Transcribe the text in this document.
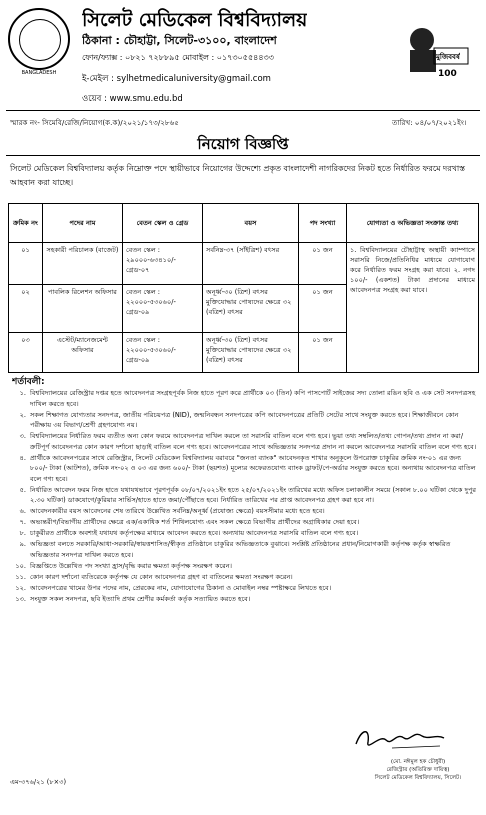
BANGLADESH
সিলেট মেডিকেল বিশ্ববিদ্যালয়
ঠিকানা : চৌহাট্টা, সিলেট-৩১০০, বাংলাদেশ
ফোন/ফ্যাক্স : ০৮২১ ৭২৮৮৯৫ মোবাইল : ০১৭৩০৫৫৪৪৩৩
ই-মেইল : sylhetmedicaluniversity@gmail.com
ওয়েব : www.smu.edu.bd
100
মুজিববর্ষ
স্মারক নং- সিমেবি/রেজি/নিয়োগ(ক.ক)/২০২১/১৭৩/২৮৬৫	তারিখ: ০৪/০৭/২০২১ইং।
নিয়োগ বিজ্ঞপ্তি
সিলেট মেডিকেল বিশ্ববিদ্যালয় কর্তৃক নিম্নোক্ত পদে স্থায়ীভাবে নিয়োগের উদ্দেশ্যে প্রকৃত বাংলাদেশী নাগরিকদের নিকট হতে নির্ধারিত ফরমে দরখাস্ত আহবান করা যাচ্ছে।
ক্রমিক নং	পদের নাম	বেতন স্কেল ও গ্রেড	বয়স	পদ সংখ্যা	যোগ্যতা ও অভিজ্ঞতা সংক্রান্ত তথ্য
০১	সহকারী পরিচালক (বাজেট)	বেতন স্কেল : ২৯০০০-৬৩৪১০/- গ্রেড-০৭	সর্বনিম্ন-৩৭ (সাঁইত্রিশ) বৎসর	০১ জন	১. বিশ্ববিদ্যালয়ের চৌহাট্টাস্থ অস্থায়ী ক্যাম্পাসে সরাসরি নিজে/প্রতিনিধির মাধ্যমে যোগাযোগ করে নির্ধারিত ফরম সংগ্রহ করা যাবে। ২. নগদ ১০০/- (একশত) টাকা প্রদানের মাধ্যমে আবেদনপত্র সংগ্রহ করা যাবে।
০২	পাবলিক রিলেশন অফিসার	বেতন স্কেল : ২২০০০-৫৩০৬০/- গ্রেড-০৯	অনূর্ধ্ব-৩০ (ত্রিশ) বৎসর মুক্তিযোদ্ধার পোষ্যদের ক্ষেত্রে ৩২ (বত্রিশ) বৎসর	০১ জন	
০৩	এস্টেট/ম্যানেজমেন্ট অফিসার	বেতন স্কেল : ২২০০০-৫৩০৬০/- গ্রেড-০৯	অনূর্ধ্ব-৩০ (ত্রিশ) বৎসর মুক্তিযোদ্ধার পোষ্যদের ক্ষেত্রে ৩২ (বত্রিশ) বৎসর	০১ জন	
শর্তাবলী:
১. বিশ্ববিদ্যালয়ের রেজিস্ট্রার দপ্তর হতে আবেদনপত্র সংগ্রহপূর্বক নিজ হাতে পূরণ করে প্রার্থীকে ০৩ (তিন) কপি পাসপোর্ট সাইজের সদ্য তোলা রঙিন ছবি ও এক সেট সনদপত্রসহ দাখিল করতে হবে।
২. সকল শিক্ষাগত যোগ্যতার সনদপত্র, জাতীয় পরিচয়পত্র (NID), জন্মনিবন্ধন সনদপত্রের কপি আবেদনপত্রের প্রতিটি সেটের সাথে সংযুক্ত করতে হবে। শিক্ষাজীবনে কোন পরীক্ষায় ৩য় বিভাগ/শ্রেণী গ্রহণযোগ্য নয়।
৩. বিশ্ববিদ্যালয়ের নির্ধারিত ফরম ব্যতীত অন্য কোন ফরমে আবেদনপত্র দাখিল করলে তা সরাসরি বাতিল বলে গণ্য হবে। ভুয়া তথ্য সম্বলিত/তথ্য গোপন/তথ্য প্রদান না করা/ক্রটিপূর্ণ আবেদনপত্র কোন কারণ দর্শানো ছাড়াই বাতিল বলে গণ্য হবে। আবেদনপত্রের সাথে অভিজ্ঞতার সনদপত্র প্রদান না করলে আবেদনপত্র সরাসরি বাতিল বলে গণ্য হবে।
৪. প্রার্থীকে আবেদনপত্রের সাথে রেজিস্ট্রার, সিলেট মেডিকেল বিশ্ববিদ্যালয় বরাবরে "জনতা ব্যাংক" আবেদনকৃত শাখার অনুকূলে উপরোক্ত চাকুরির ক্রমিক নং-০১ এর জন্য ৮০০/- টাকা (আটশত), ক্রমিক নং-০২ ও ০৩ এর জন্য ৬০০/- টাকা (ছয়শত) মূল্যের অফেরতযোগ্য ব্যাংক ড্রাফট/পে-অর্ডার সংযুক্ত করতে হবে। অন্যথায় আবেদনপত্র বাতিল বলে গণ্য হবে।
৫. নির্ধারিত আবেদন ফরম নিজ হাতে যথাযথভাবে পূরণপূর্বক ০৮/০৭/২০২১ইং হতে ২৫/০৭/২০২১ইং তারিখের মধ্যে অফিস চলাকালীন সময়ে (সকাল ৮.০০ ঘটিকা থেকে দুপুর ২.৩০ ঘটিকা) ডাকযোগে/কুরিয়ার সার্ভিস/হাতে হাতে জমা/পৌঁছাতে হবে। নির্ধারিত তারিখের পর প্রাপ্ত আবেদনপত্র গ্রহণ করা হবে না।
৬. আবেদনকারীর বয়স আবেদনের শেষ তারিখে উল্লেখিত সর্বনিম্ন/অনূর্ধ্ব (প্রযোজ্য ক্ষেত্রে) বয়সসীমার মধ্যে হতে হবে।
৭. অভ্যন্তরীণ/বিভাগীয় প্রার্থীদের ক্ষেত্রে এক/একাধিক শর্ত শিথিলযোগ্য এবং সকল ক্ষেত্রে বিভাগীয় প্রার্থীদের অগ্রাধিকার দেয়া হবে।
৮. চাকুরীরত প্রার্থীকে অবশ্যই যথাযথ কর্তৃপক্ষের মাধ্যমে আবেদন করতে হবে। অন্যথায় আবেদনপত্র সরাসরি বাতিল বলে গণ্য হবে।
৯. অভিজ্ঞতা বলতে সরকারি/আধা-সরকারি/স্বায়ত্তশাসিত/স্বীকৃত প্রতিষ্ঠানে চাকুরির অভিজ্ঞতাকে বুঝাবে। সংশ্লিষ্ট প্রতিষ্ঠানের প্রধান/নিয়োগকারী কর্তৃপক্ষ কর্তৃক স্বাক্ষরিত অভিজ্ঞতার সনদপত্র দাখিল করতে হবে।
১০. বিজ্ঞপ্তিতে উল্লেখিত পদ সংখ্যা হ্রাস/বৃদ্ধি করার ক্ষমতা কর্তৃপক্ষ সংরক্ষণ করেন।
১১. কোন কারণ দর্শানো ব্যতিরেকে কর্তৃপক্ষ যে কোন আবেদনপত্র গ্রহণ বা বাতিলের ক্ষমতা সংরক্ষণ করেন।
১২. আবেদনপত্রের খামের উপর পদের নাম, প্রেরকের নাম, যোগাযোগের ঠিকানা ও মোবাইল নম্বর স্পষ্টাক্ষরে লিখতে হবে।
১৩. সংযুক্ত সকল সনদপত্র, ছবি ইত্যাদি প্রথম শ্রেণীর কর্মকর্তা কর্তৃক সত্যায়িত করতে হবে।
(মো. নঈমুল হক চৌধুরী)
রেজিস্ট্রার (অতিরিক্ত দায়িত্ব)
সিলেট মেডিকেল বিশ্ববিদ্যালয়, সিলেট।
এম-৩৭৬/২১ (৮×৩)
